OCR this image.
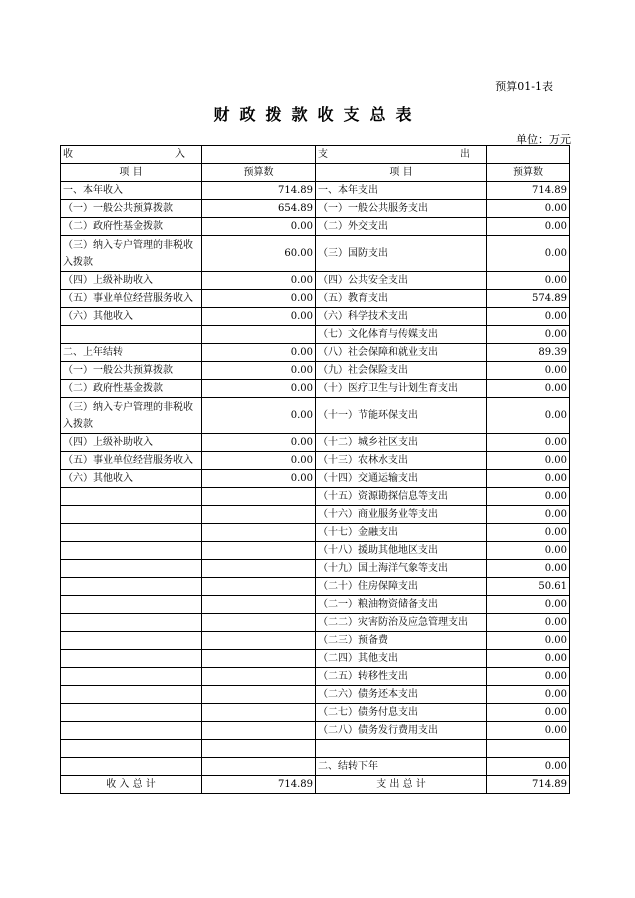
预算01-1表
财政拨款收支总表
单位：万元
收 入		支 出	

项 目	预算数	项 目	预算数
一、本年收入	714.89	一、本年支出	714.89
（一）一般公共预算拨款	654.89	（一）一般公共服务支出	0.00
（二）政府性基金拨款	0.00	（二）外交支出	0.00
（三）纳入专户管理的非税收入拨款	60.00	（三）国防支出	0.00
（四）上级补助收入	0.00	（四）公共安全支出	0.00
（五）事业单位经营服务收入	0.00	（五）教育支出	574.89
（六）其他收入	0.00	（六）科学技术支出	0.00
		（七）文化体育与传媒支出	0.00
二、上年结转	0.00	（八）社会保障和就业支出	89.39
（一）一般公共预算拨款	0.00	（九）社会保险支出	0.00
（二）政府性基金拨款	0.00	（十）医疗卫生与计划生育支出	0.00
（三）纳入专户管理的非税收入拨款	0.00	（十一）节能环保支出	0.00
（四）上级补助收入	0.00	（十二）城乡社区支出	0.00
（五）事业单位经营服务收入	0.00	（十三）农林水支出	0.00
（六）其他收入	0.00	（十四）交通运输支出	0.00
		（十五）资源勘探信息等支出	0.00
		（十六）商业服务业等支出	0.00
		（十七）金融支出	0.00
		（十八）援助其他地区支出	0.00
		（十九）国土海洋气象等支出	0.00
		（二十）住房保障支出	50.61
		（二一）粮油物资储备支出	0.00
		（二二）灾害防治及应急管理支出	0.00
		（二三）预备费	0.00
		（二四）其他支出	0.00
		（二五）转移性支出	0.00
		（二六）债务还本支出	0.00
		（二七）债务付息支出	0.00
		（二八）债务发行费用支出	0.00

		二、结转下年	0.00
收 入 总 计	714.89	支 出 总 计	714.89
